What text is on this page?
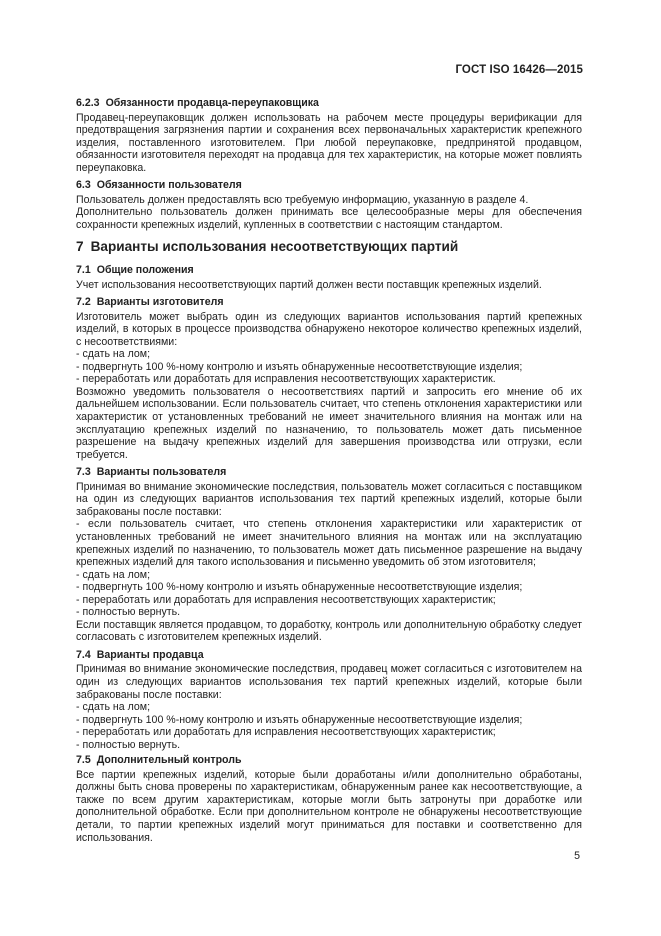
ГОСТ ISO 16426—2015
6.2.3 Обязанности продавца-переупаковщика

Продавец-переупаковщик должен использовать на рабочем месте процедуры верификации для предотвращения загрязнения партии и сохранения всех первоначальных характеристик крепежного изделия, поставленного изготовителем. При любой переупаковке, предпринятой продавцом, обязанности изготовителя переходят на продавца для тех характеристик, на которые может повлиять переупаковка.

6.3 Обязанности пользователя

Пользователь должен предоставлять всю требуемую информацию, указанную в разделе 4.

Дополнительно пользователь должен принимать все целесообразные меры для обеспечения сохранности крепежных изделий, купленных в соответствии с настоящим стандартом.

7 Варианты использования несоответствующих партий
7.1 Общие положения

Учет использования несоответствующих партий должен вести поставщик крепежных изделий.

7.2 Варианты изготовителя

Изготовитель может выбрать один из следующих вариантов использования партий крепежных изделий, в которых в процессе производства обнаружено некоторое количество крепежных изделий, с несоответствиями:

- сдать на лом;

- подвергнуть 100 %-ному контролю и изъять обнаруженные несоответствующие изделия;

- переработать или доработать для исправления несоответствующих характеристик.

Возможно уведомить пользователя о несоответствиях партий и запросить его мнение об их дальнейшем использовании. Если пользователь считает, что степень отклонения характеристики или характеристик от установленных требований не имеет значительного влияния на монтаж или на эксплуатацию крепежных изделий по назначению, то пользователь может дать письменное разрешение на выдачу крепежных изделий для завершения производства или отгрузки, если требуется.

7.3 Варианты пользователя

Принимая во внимание экономические последствия, пользователь может согласиться с поставщиком на один из следующих вариантов использования тех партий крепежных изделий, которые были забракованы после поставки:

- если пользователь считает, что степень отклонения характеристики или характеристик от установленных требований не имеет значительного влияния на монтаж или на эксплуатацию крепежных изделий по назначению, то пользователь может дать письменное разрешение на выдачу крепежных изделий для такого использования и письменно уведомить об этом изготовителя;

- сдать на лом;

- подвергнуть 100 %-ному контролю и изъять обнаруженные несоответствующие изделия;

- переработать или доработать для исправления несоответствующих характеристик;

- полностью вернуть.

Если поставщик является продавцом, то доработку, контроль или дополнительную обработку следует согласовать с изготовителем крепежных изделий.

7.4 Варианты продавца

Принимая во внимание экономические последствия, продавец может согласиться с изготовителем на один из следующих вариантов использования тех партий крепежных изделий, которые были забракованы после поставки:

- сдать на лом;

- подвергнуть 100 %-ному контролю и изъять обнаруженные несоответствующие изделия;

- переработать или доработать для исправления несоответствующих характеристик;

- полностью вернуть.

7.5 Дополнительный контроль

Все партии крепежных изделий, которые были доработаны и/или дополнительно обработаны, должны быть снова проверены по характеристикам, обнаруженным ранее как несоответствующие, а также по всем другим характеристикам, которые могли быть затронуты при доработке или дополнительной обработке. Если при дополнительном контроле не обнаружены несоответствующие детали, то партии крепежных изделий могут приниматься для поставки и соответственно для использования.

5
